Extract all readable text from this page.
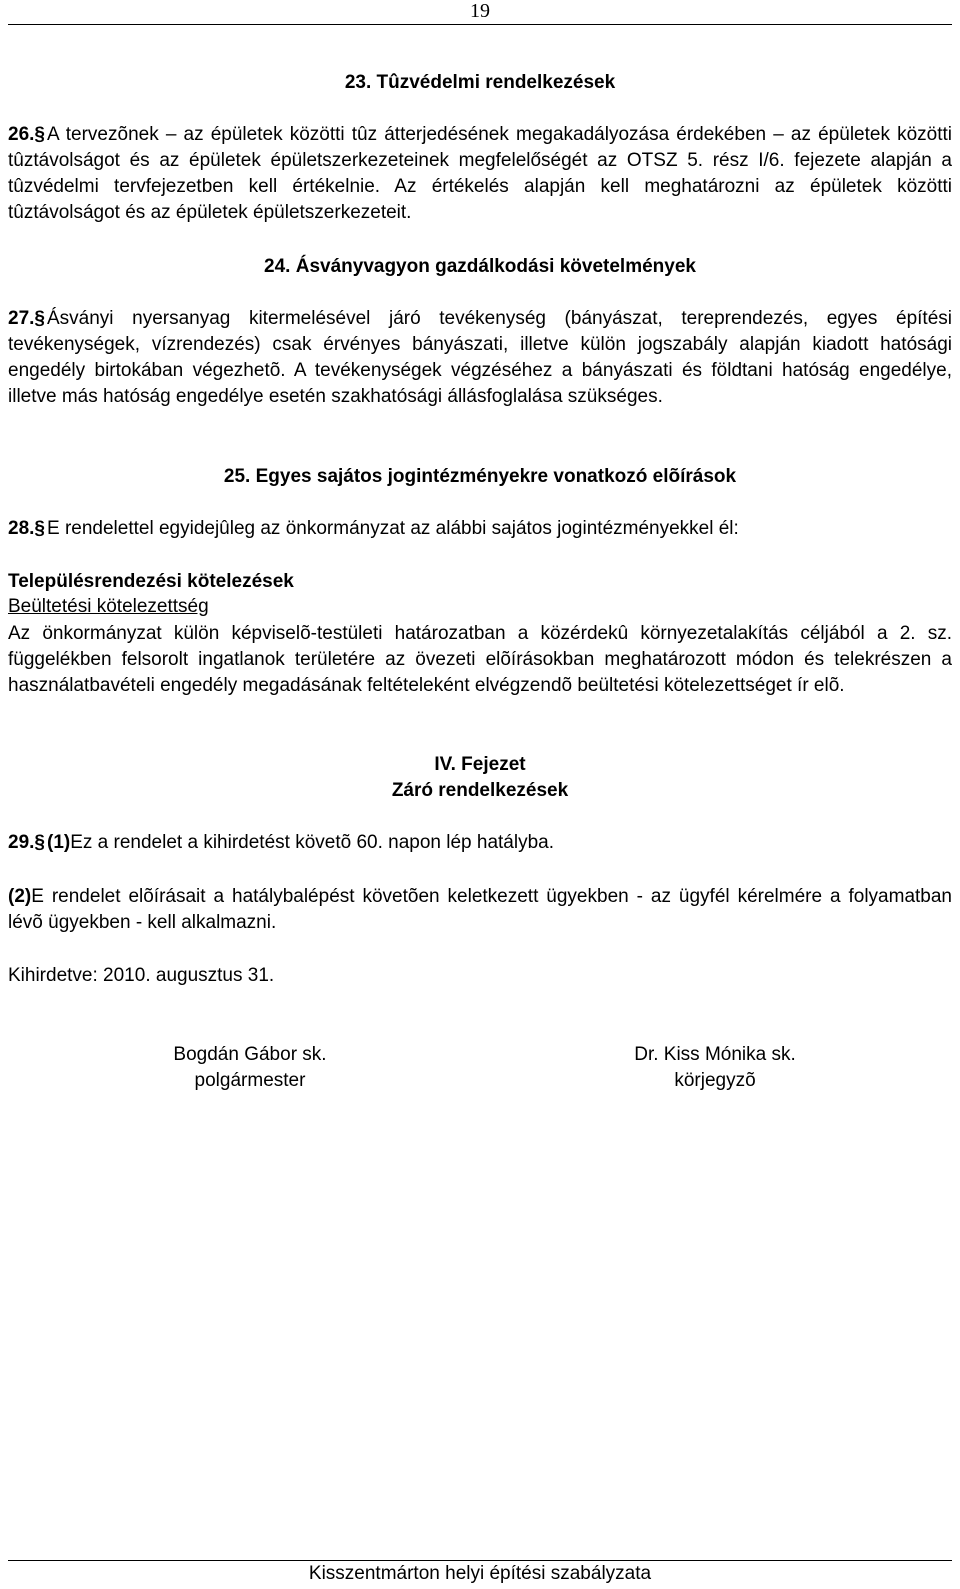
19
23. Tûzvédelmi rendelkezések
26.§ A tervezõnek – az épületek közötti tûz átterjedésének megakadályozása érdekében – az épületek közötti tûztávolságot és az épületek épületszerkezeteinek megfelelőségét az OTSZ 5. rész I/6. fejezete alapján a tûzvédelmi tervfejezetben kell értékelnie. Az értékelés alapján kell meghatározni az épületek közötti tûztávolságot és az épületek épületszerkezeteit.
24. Ásványvagyon gazdálkodási követelmények
27.§ Ásványi nyersanyag kitermelésével járó tevékenység (bányászat, tereprendezés, egyes építési tevékenységek, vízrendezés) csak érvényes bányászati, illetve külön jogszabály alapján kiadott hatósági engedély birtokában végezhetõ. A tevékenységek végzéséhez a bányászati és földtani hatóság engedélye, illetve más hatóság engedélye esetén szakhatósági állásfoglalása szükséges.
25. Egyes sajátos jogintézményekre vonatkozó elõírások
28.§ E rendelettel egyidejûleg az önkormányzat az alábbi sajátos jogintézményekkel él:
Településrendezési kötelezések
Beültetési kötelezettség
Az önkormányzat külön képviselõ-testületi határozatban a közérdekû környezetalakítás céljából a 2. sz. függelékben felsorolt ingatlanok területére az övezeti elõírásokban meghatározott módon és telekrészen a használatbavételi engedély megadásának feltételeként elvégzendõ beültetési kötelezettséget ír elõ.
IV. Fejezet
Záró rendelkezések
29.§ (1)Ez a rendelet a kihirdetést követõ 60. napon lép hatályba.
(2)E rendelet elõírásait a hatálybalépést követõen keletkezett ügyekben - az ügyfél kérelmére a folyamatban lévõ ügyekben - kell alkalmazni.
Kihirdetve: 2010. augusztus 31.
Bogdán Gábor sk.
polgármester
Dr. Kiss Mónika sk.
körjegyzõ
Kisszentmárton helyi építési szabályzata
